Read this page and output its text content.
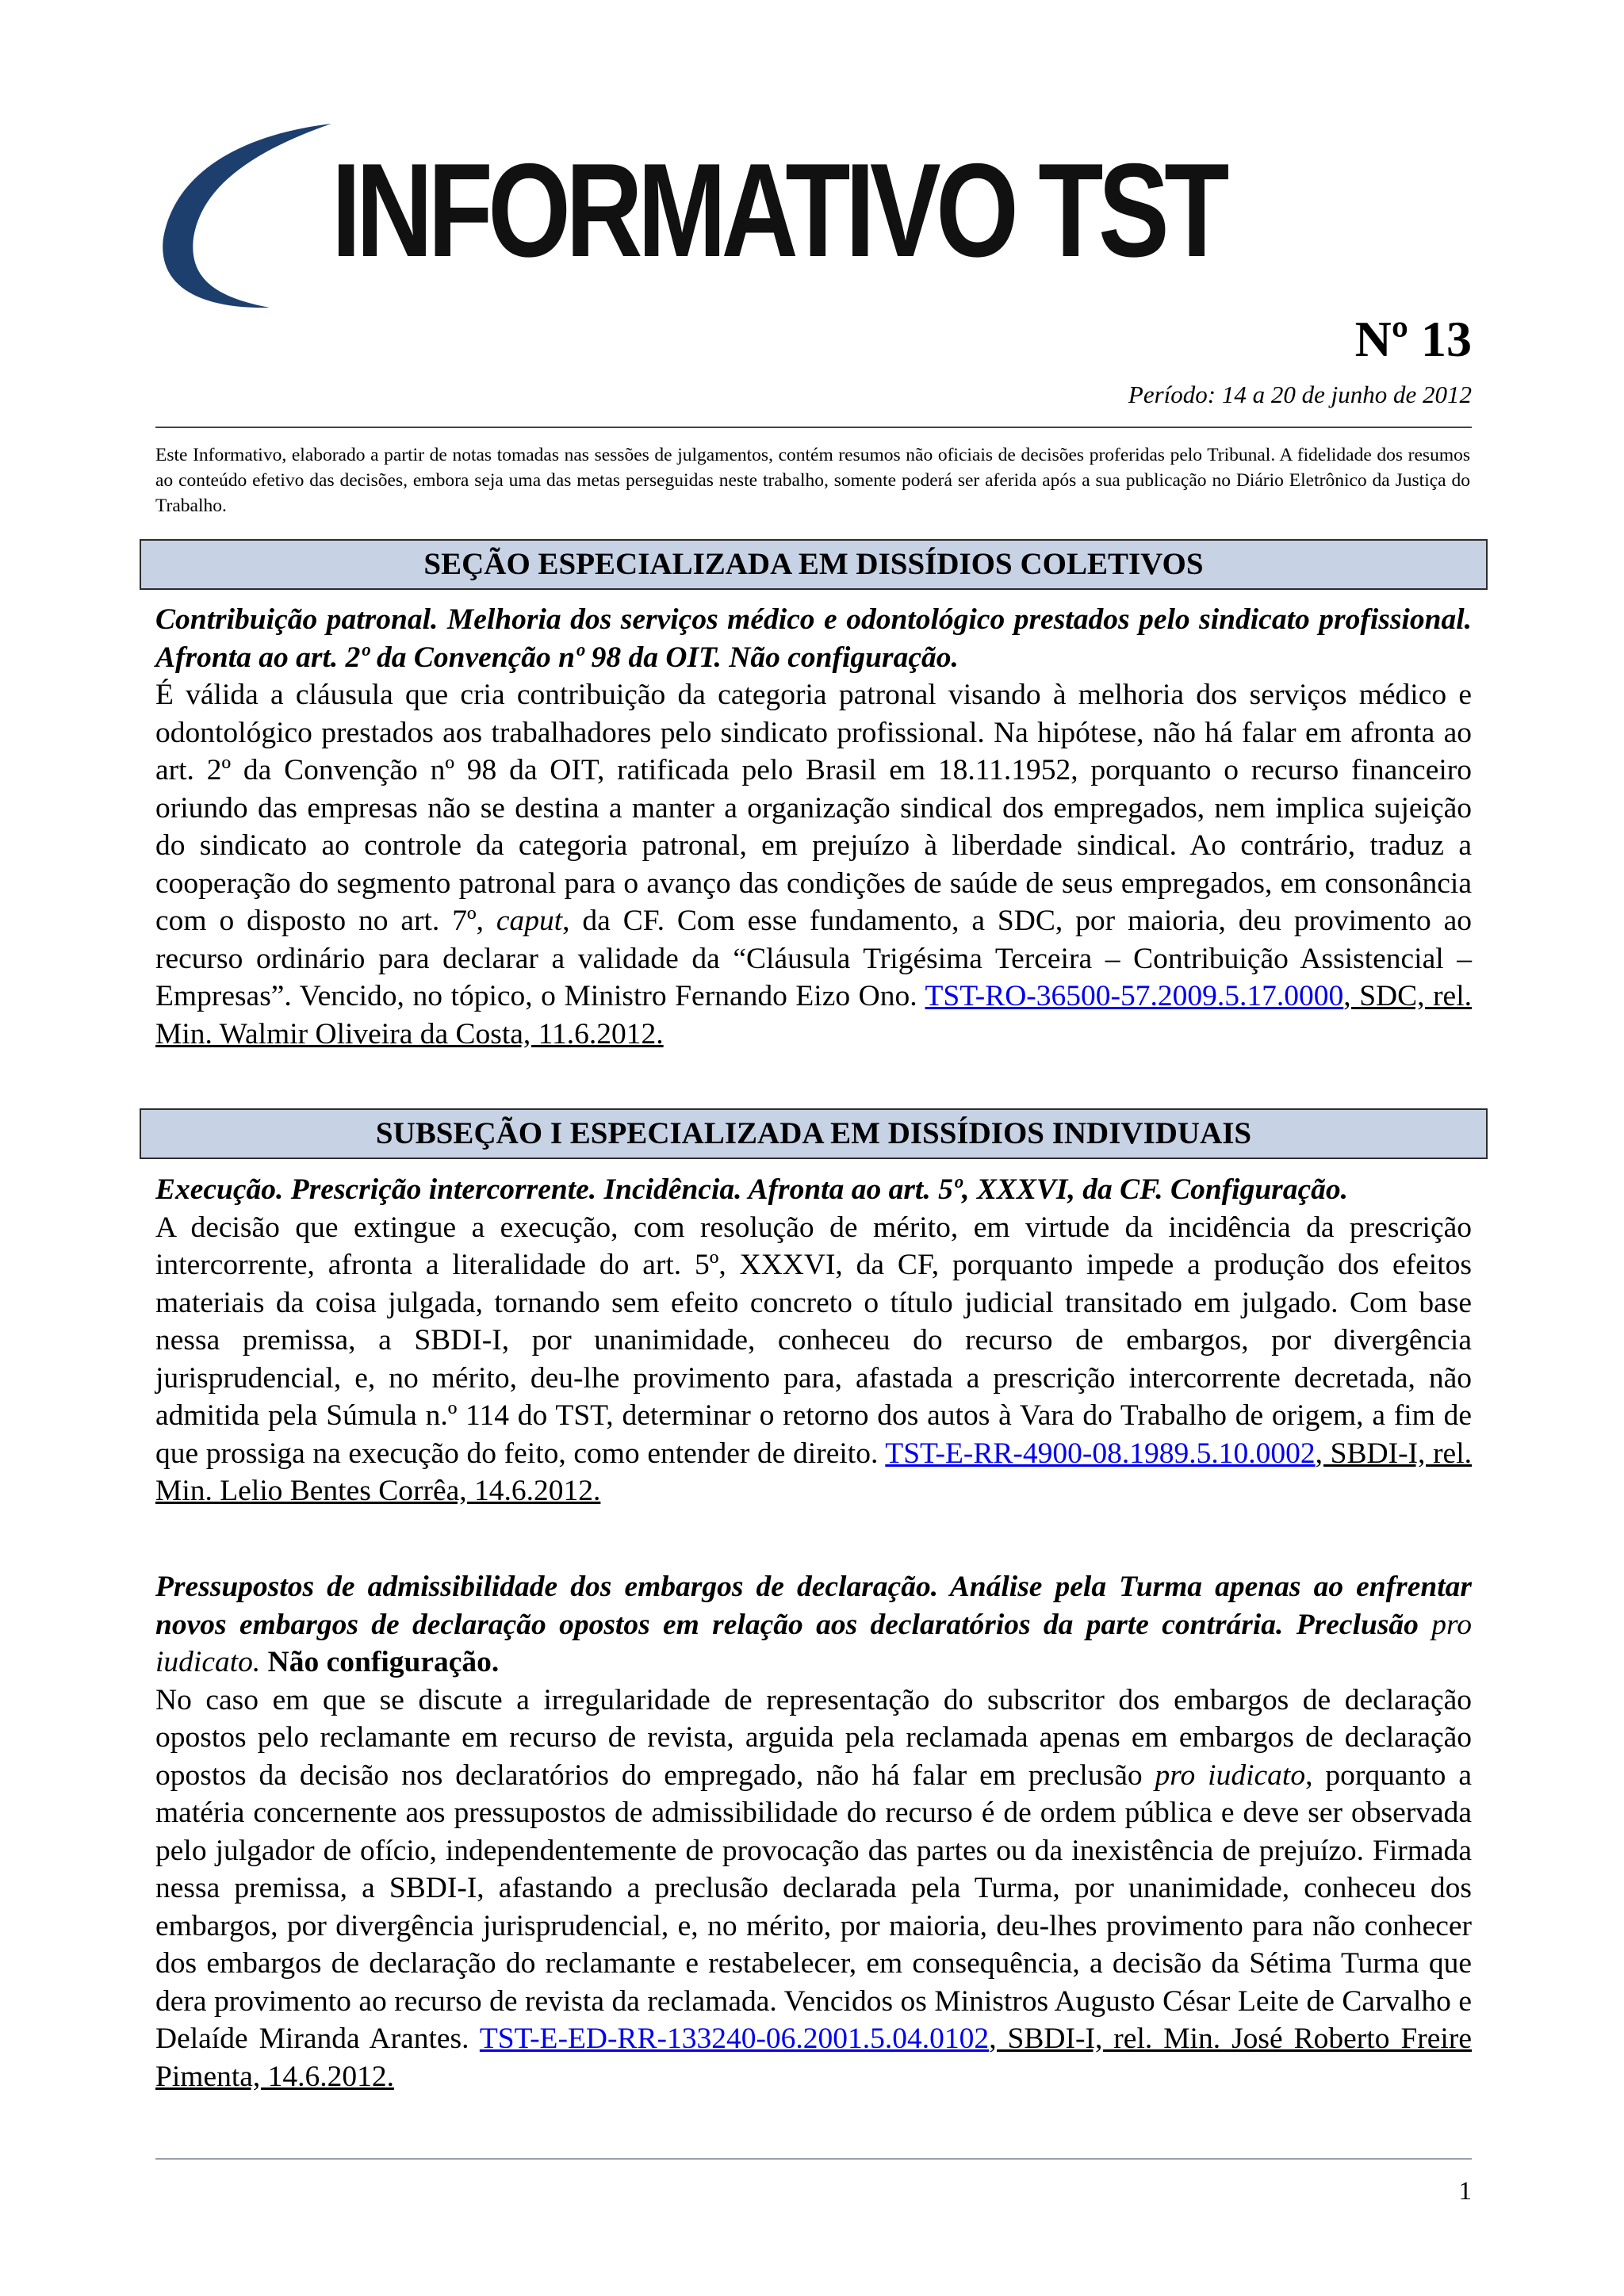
INFORMATIVO TST
Nº 13
Período: 14 a 20 de junho de 2012
Este Informativo, elaborado a partir de notas tomadas nas sessões de julgamentos, contém resumos não oficiais de decisões proferidas pelo Tribunal. A fidelidade dos resumos ao conteúdo efetivo das decisões, embora seja uma das metas perseguidas neste trabalho, somente poderá ser aferida após a sua publicação no Diário Eletrônico da Justiça do Trabalho.
SEÇÃO ESPECIALIZADA EM DISSÍDIOS COLETIVOS
Contribuição patronal. Melhoria dos serviços médico e odontológico prestados pelo sindicato profissional. Afronta ao art. 2º da Convenção nº 98 da OIT. Não configuração.
É válida a cláusula que cria contribuição da categoria patronal visando à melhoria dos serviços médico e odontológico prestados aos trabalhadores pelo sindicato profissional. Na hipótese, não há falar em afronta ao art. 2º da Convenção nº 98 da OIT, ratificada pelo Brasil em 18.11.1952, porquanto o recurso financeiro oriundo das empresas não se destina a manter a organização sindical dos empregados, nem implica sujeição do sindicato ao controle da categoria patronal, em prejuízo à liberdade sindical. Ao contrário, traduz a cooperação do segmento patronal para o avanço das condições de saúde de seus empregados, em consonância com o disposto no art. 7º, caput, da CF. Com esse fundamento, a SDC, por maioria, deu provimento ao recurso ordinário para declarar a validade da “Cláusula Trigésima Terceira – Contribuição Assistencial – Empresas”. Vencido, no tópico, o Ministro Fernando Eizo Ono. TST-RO-36500-57.2009.5.17.0000, SDC, rel. Min. Walmir Oliveira da Costa, 11.6.2012.
SUBSEÇÃO I ESPECIALIZADA EM DISSÍDIOS INDIVIDUAIS
Execução. Prescrição intercorrente. Incidência. Afronta ao art. 5º, XXXVI, da CF. Configuração.
A decisão que extingue a execução, com resolução de mérito, em virtude da incidência da prescrição intercorrente, afronta a literalidade do art. 5º, XXXVI, da CF, porquanto impede a produção dos efeitos materiais da coisa julgada, tornando sem efeito concreto o título judicial transitado em julgado. Com base nessa premissa, a SBDI-I, por unanimidade, conheceu do recurso de embargos, por divergência jurisprudencial, e, no mérito, deu-lhe provimento para, afastada a prescrição intercorrente decretada, não admitida pela Súmula n.º 114 do TST, determinar o retorno dos autos à Vara do Trabalho de origem, a fim de que prossiga na execução do feito, como entender de direito. TST-E-RR-4900-08.1989.5.10.0002, SBDI-I, rel. Min. Lelio Bentes Corrêa, 14.6.2012.
Pressupostos de admissibilidade dos embargos de declaração. Análise pela Turma apenas ao enfrentar novos embargos de declaração opostos em relação aos declaratórios da parte contrária. Preclusão pro iudicato. Não configuração.
No caso em que se discute a irregularidade de representação do subscritor dos embargos de declaração opostos pelo reclamante em recurso de revista, arguida pela reclamada apenas em embargos de declaração opostos da decisão nos declaratórios do empregado, não há falar em preclusão pro iudicato, porquanto a matéria concernente aos pressupostos de admissibilidade do recurso é de ordem pública e deve ser observada pelo julgador de ofício, independentemente de provocação das partes ou da inexistência de prejuízo. Firmada nessa premissa, a SBDI-I, afastando a preclusão declarada pela Turma, por unanimidade, conheceu dos embargos, por divergência jurisprudencial, e, no mérito, por maioria, deu-lhes provimento para não conhecer dos embargos de declaração do reclamante e restabelecer, em consequência, a decisão da Sétima Turma que dera provimento ao recurso de revista da reclamada. Vencidos os Ministros Augusto César Leite de Carvalho e Delaíde Miranda Arantes. TST-E-ED-RR-133240-06.2001.5.04.0102, SBDI-I, rel. Min. José Roberto Freire Pimenta, 14.6.2012.
1
